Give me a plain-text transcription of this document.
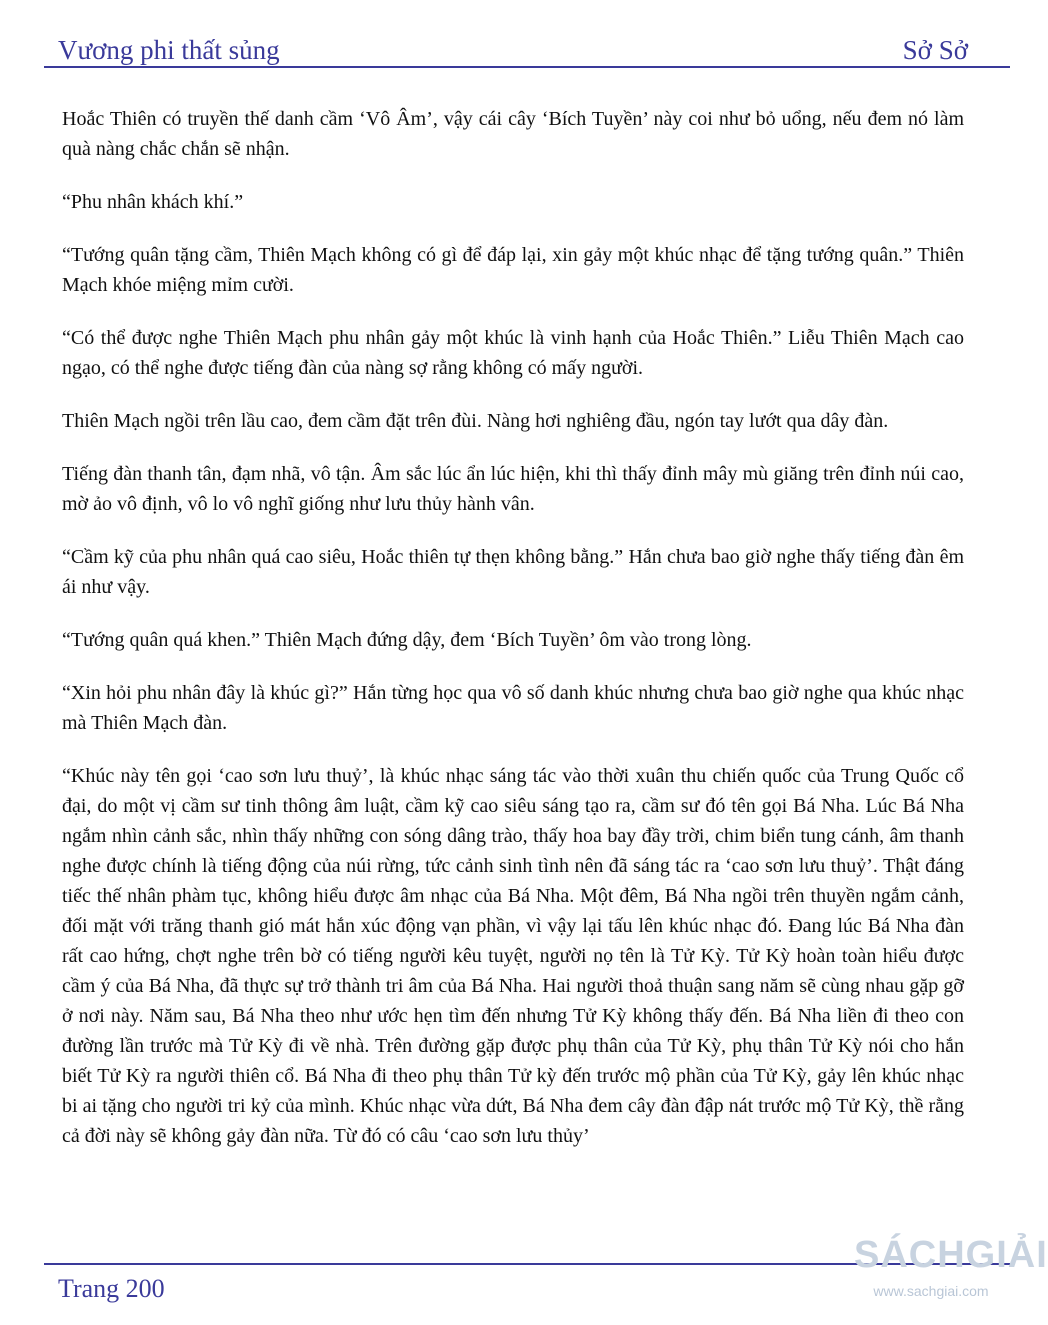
Vương phi thất sủng	Sở Sở

Hoắc Thiên có truyền thế danh cầm ‘Vô Âm’, vậy cái cây ‘Bích Tuyền’ này coi như bỏ uổng, nếu đem nó làm quà nàng chắc chắn sẽ nhận.

“Phu nhân khách khí.”

“Tướng quân tặng cầm, Thiên Mạch không có gì để đáp lại, xin gảy một khúc nhạc để tặng tướng quân.” Thiên Mạch khóe miệng mỉm cười.

“Có thể được nghe Thiên Mạch phu nhân gảy một khúc là vinh hạnh của Hoắc Thiên.” Liễu Thiên Mạch cao ngạo, có thể nghe được tiếng đàn của nàng sợ rằng không có mấy người.

Thiên Mạch ngồi trên lầu cao, đem cầm đặt trên đùi. Nàng hơi nghiêng đầu, ngón tay lướt qua dây đàn.

Tiếng đàn thanh tân, đạm nhã, vô tận. Âm sắc lúc ẩn lúc hiện, khi thì thấy đỉnh mây mù giăng trên đỉnh núi cao, mờ ảo vô định, vô lo vô nghĩ giống như lưu thủy hành vân.

“Cầm kỹ của phu nhân quá cao siêu, Hoắc thiên tự thẹn không bằng.” Hắn chưa bao giờ nghe thấy tiếng đàn êm ái như vậy.

“Tướng quân quá khen.” Thiên Mạch đứng dậy, đem ‘Bích Tuyền’ ôm vào trong lòng.

“Xin hỏi phu nhân đây là khúc gì?” Hắn từng học qua vô số danh khúc nhưng chưa bao giờ nghe qua khúc nhạc mà Thiên Mạch đàn.

“Khúc này tên gọi ‘cao sơn lưu thuỷ’, là khúc nhạc sáng tác vào thời xuân thu chiến quốc của Trung Quốc cổ đại, do một vị cầm sư tinh thông âm luật, cầm kỹ cao siêu sáng tạo ra, cầm sư đó tên gọi Bá Nha. Lúc Bá Nha ngắm nhìn cảnh sắc, nhìn thấy những con sóng dâng trào, thấy hoa bay đầy trời, chim biển tung cánh, âm thanh nghe được chính là tiếng động của núi rừng, tức cảnh sinh tình nên đã sáng tác ra ‘cao sơn lưu thuỷ’. Thật đáng tiếc thế nhân phàm tục, không hiểu được âm nhạc của Bá Nha. Một đêm, Bá Nha ngồi trên thuyền ngắm cảnh, đối mặt với trăng thanh gió mát hắn xúc động vạn phần, vì vậy lại tấu lên khúc nhạc đó. Đang lúc Bá Nha đàn rất cao hứng, chợt nghe trên bờ có tiếng người kêu tuyệt, người nọ tên là Tử Kỳ. Tử Kỳ hoàn toàn hiểu được cầm ý của Bá Nha, đã thực sự trở thành tri âm của Bá Nha. Hai người thoả thuận sang năm sẽ cùng nhau gặp gỡ ở nơi này. Năm sau, Bá Nha theo như ước hẹn tìm đến nhưng Tử Kỳ không thấy đến. Bá Nha liền đi theo con đường lần trước mà Tử Kỳ đi về nhà. Trên đường gặp được phụ thân của Tử Kỳ, phụ thân Tử Kỳ nói cho hắn biết Tử Kỳ ra người thiên cổ. Bá Nha đi theo phụ thân Tử kỳ đến trước mộ phần của Tử Kỳ, gảy lên khúc nhạc bi ai tặng cho người tri kỷ của mình. Khúc nhạc vừa dứt, Bá Nha đem cây đàn đập nát trước mộ Tử Kỳ, thề rằng cả đời này sẽ không gảy đàn nữa. Từ đó có câu ‘cao sơn lưu thủy’

Trang 200
SÁCHGIẢI
www.sachgiai.com
